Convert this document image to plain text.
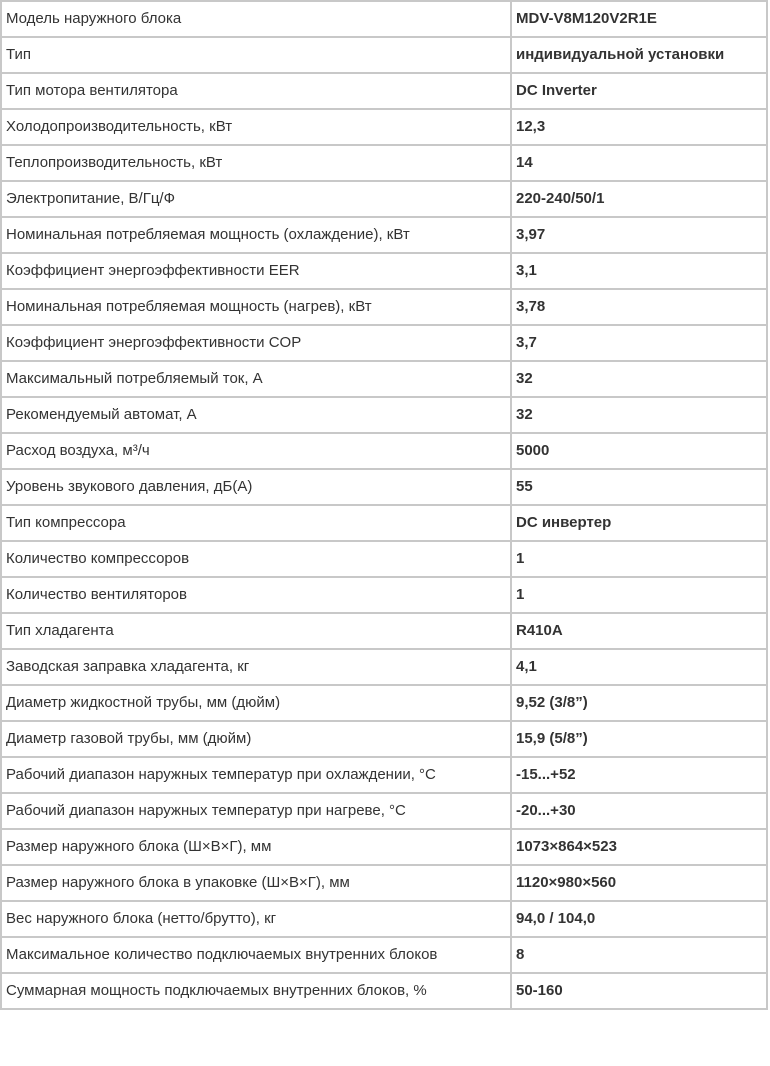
Модель наружного блока	MDV-V8M120V2R1E
Тип	индивидуальной установки
Тип мотора вентилятора	DC Inverter
Холодопроизводительность, кВт	12,3
Теплопроизводительность, кВт	14
Электропитание, В/Гц/Ф	220-240/50/1
Номинальная потребляемая мощность (охлаждение), кВт	3,97
Коэффициент энергоэффективности EER	3,1
Номинальная потребляемая мощность (нагрев), кВт	3,78
Коэффициент энергоэффективности COP	3,7
Максимальный потребляемый ток, А	32
Рекомендуемый автомат, А	32
Расход воздуха, м³/ч	5000
Уровень звукового давления, дБ(А)	55
Тип компрессора	DC инвертер
Количество компрессоров	1
Количество вентиляторов	1
Тип хладагента	R410A
Заводская заправка хладагента, кг	4,1
Диаметр жидкостной трубы, мм (дюйм)	9,52 (3/8”)
Диаметр газовой трубы, мм (дюйм)	15,9 (5/8”)
Рабочий диапазон наружных температур при охлаждении, °С	-15...+52
Рабочий диапазон наружных температур при нагреве, °С	-20...+30
Размер наружного блока (Ш×В×Г), мм	1073×864×523
Размер наружного блока в упаковке (Ш×В×Г), мм	1120×980×560
Вес наружного блока (нетто/брутто), кг	94,0 / 104,0
Максимальное количество подключаемых внутренних блоков	8
Суммарная мощность подключаемых внутренних блоков, %	50-160
